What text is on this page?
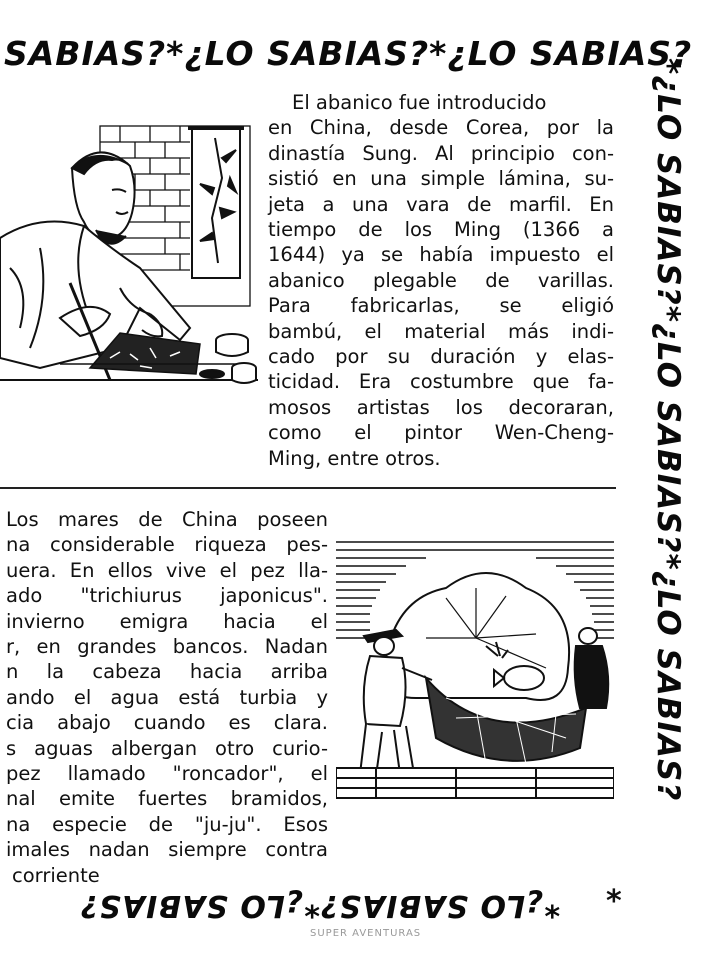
SABIAS?*¿LO SABIAS?*¿LO SABIAS?
*¿LO SABIAS?*¿LO SABIAS?*¿LO SABIAS?
*¿LO SABIAS?*¿LO SABIAS?	*
El abanico fue introducido
en China, desde Corea, por la
dinastía Sung. Al principio con-
sistió en una simple lámina, su-
jeta a una vara de marfil. En
tiempo de los Ming (1366 a
1644) ya se había impuesto el
abanico plegable de varillas.
Para fabricarlas, se eligió
bambú, el material más indi-
cado por su duración y elas-
ticidad. Era costumbre que fa-
mosos artistas los decoraran,
como el pintor Wen-Cheng-
Ming, entre otros.
Los mares de China poseen
na considerable riqueza pes-
uera. En ellos vive el pez lla-
ado "trichiurus japonicus".
invierno emigra hacia el
r, en grandes bancos. Nadan
n la cabeza hacia arriba
ando el agua está turbia y
cia abajo cuando es clara.
s aguas albergan otro curio-
pez llamado "roncador", el
nal emite fuertes bramidos,
na especie de "ju-ju". Esos
imales nadan siempre contra
corriente
SUPER AVENTURAS
